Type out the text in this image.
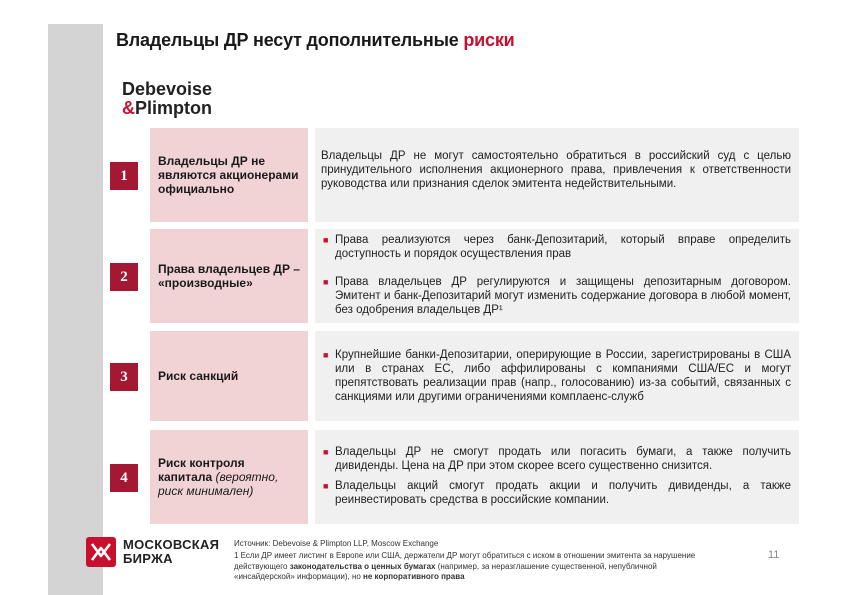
Владельцы ДР несут дополнительные риски
Debevoise
&Plimpton
1
Владельцы ДР не являются акционерами официально

Владельцы ДР не могут самостоятельно обратиться в российский суд с целью принудительного исполнения акционерного права, привлечения к ответственности руководства или признания сделок эмитента недействительными.

2	Права владельцев ДР – «производные»
■ Права реализуются через банк-Депозитарий, который вправе определить доступность и порядок осуществления прав
■ Права владельцев ДР регулируются и защищены депозитарным договором. Эмитент и банк-Депозитарий могут изменить содержание договора в любой момент, без одобрения владельцев ДР¹
3	Риск санкций
■ Крупнейшие банки-Депозитарии, оперирующие в России, зарегистрированы в США или в странах ЕС, либо аффилированы с компаниями США/ЕС и могут препятствовать реализации прав (напр., голосованию) из-за событий, связанных с санкциями или другими ограничениями комплаенс-служб
4
Риск контроля капитала (вероятно, риск минимален)
■ Владельцы ДР не смогут продать или погасить бумаги, а также получить дивиденды. Цена на ДР при этом скорее всего существенно снизится.
■ Владельцы акций смогут продать акции и получить дивиденды, а также реинвестировать средства в российские компании.
МОСКОВСКАЯ
БИРЖА
Источник: Debevoise & Plimpton LLP, Moscow Exchange
1 Если ДР имеет листинг в Европе или США, держатели ДР могут обратиться с иском в отношении эмитента за нарушение действующего законодательства о ценных бумагах (например, за неразглашение существенной, непубличной «инсайдерской» информации), но не корпоративного права
11
